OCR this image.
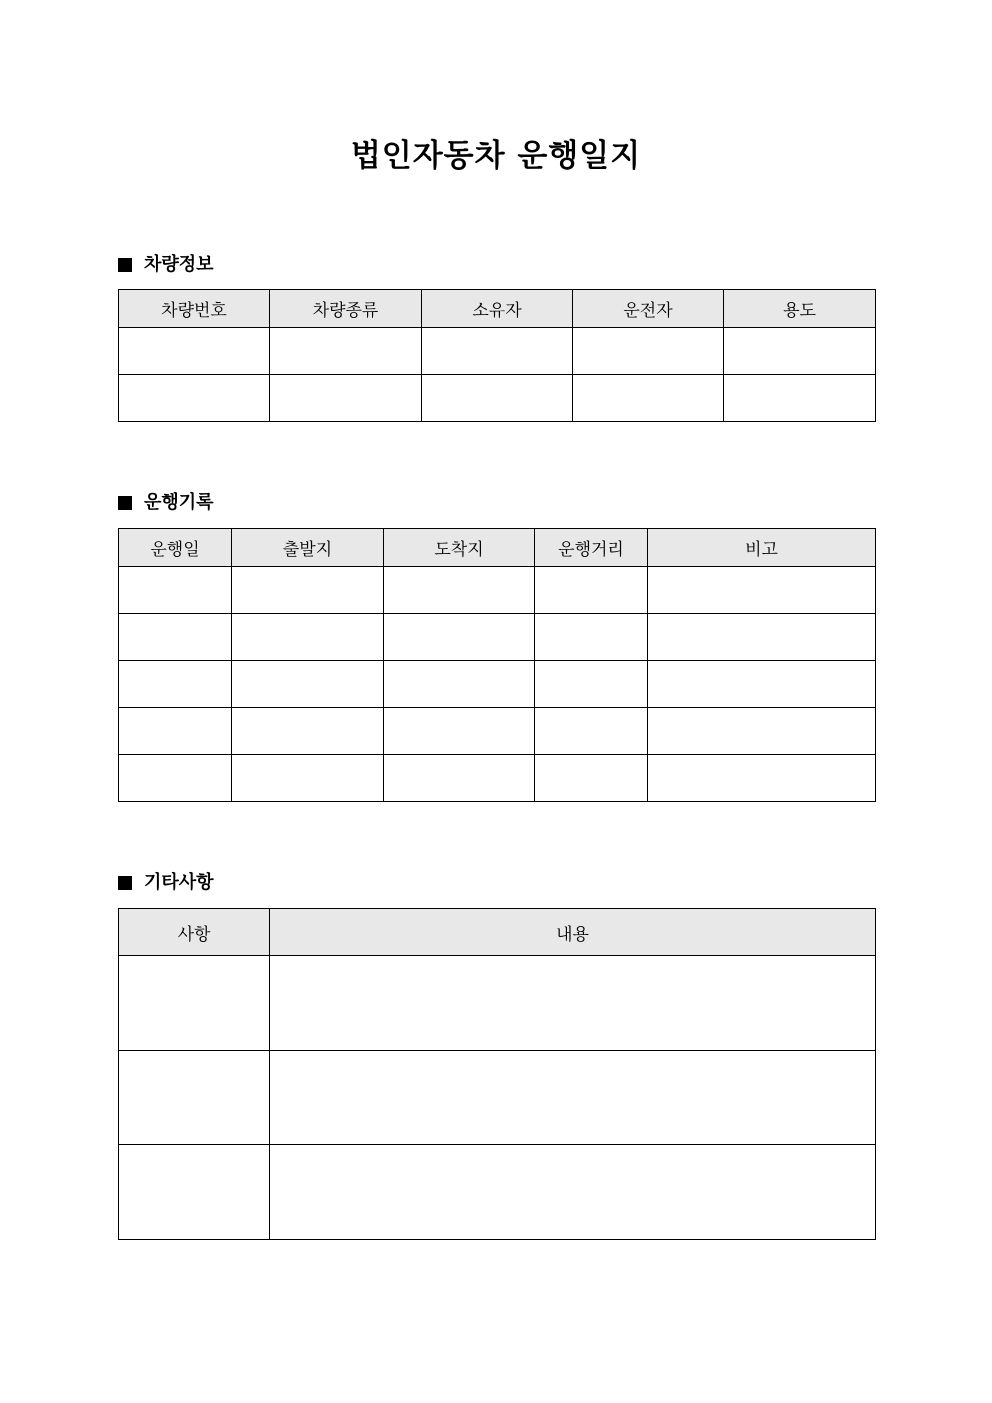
법인자동차 운행일지
차량정보
차량번호	차량종류	소유자	운전자	용도

운행기록
운행일	출발지	도착지	운행거리	비고

기타사항
사항	내용
